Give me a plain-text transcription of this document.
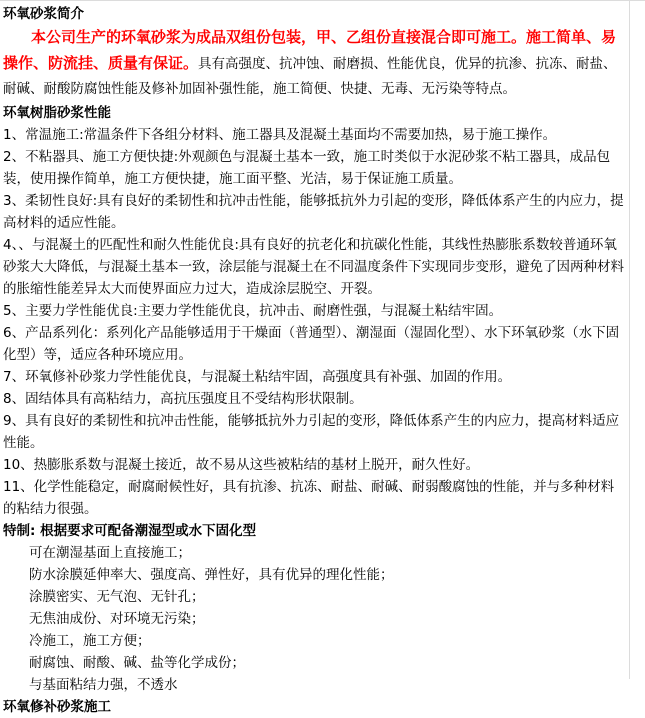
环氧砂浆简介

本公司生产的环氧砂浆为成品双组份包装，甲、乙组份直接混合即可施工。施工简单、易操作、防流挂、质量有保证。具有高强度、抗冲蚀、耐磨损、性能优良，优异的抗渗、抗冻、耐盐、耐碱、耐酸防腐蚀性能及修补加固补强性能，施工简便、快捷、无毒、无污染等特点。

环氧树脂砂浆性能

1、常温施工:常温条件下各组分材料、施工器具及混凝土基面均不需要加热，易于施工操作。

2、不粘器具、施工方便快捷:外观颜色与混凝土基本一致，施工时类似于水泥砂浆不粘工器具，成品包装，使用操作简单，施工方便快捷，施工面平整、光洁，易于保证施工质量。

3、柔韧性良好:具有良好的柔韧性和抗冲击性能，能够抵抗外力引起的变形，降低体系产生的内应力，提高材料的适应性能。

4、、与混凝土的匹配性和耐久性能优良:具有良好的抗老化和抗碳化性能，其线性热膨胀系数较普通环氧砂浆大大降低，与混凝土基本一致，涂层能与混凝土在不同温度条件下实现同步变形，避免了因两种材料的胀缩性能差异太大而使界面应力过大，造成涂层脱空、开裂。

5、主要力学性能优良:主要力学性能优良，抗冲击、耐磨性强，与混凝土粘结牢固。

6、产品系列化：系列化产品能够适用于干燥面（普通型）、潮湿面（湿固化型）、水下环氧砂浆（水下固化型）等，适应各种环境应用。

7、环氧修补砂浆力学性能优良，与混凝土粘结牢固，高强度具有补强、加固的作用。

8、固结体具有高粘结力，高抗压强度且不受结构形状限制。

9、具有良好的柔韧性和抗冲击性能，能够抵抗外力引起的变形，降低体系产生的内应力，提高材料适应性能。

10、热膨胀系数与混凝土接近，故不易从这些被粘结的基材上脱开，耐久性好。

11、化学性能稳定，耐腐耐候性好，具有抗渗、抗冻、耐盐、耐碱、耐弱酸腐蚀的性能，并与多种材料的粘结力很强。

特制: 根据要求可配备潮湿型或水下固化型

可在潮湿基面上直接施工；

防水涂膜延伸率大、强度高、弹性好，具有优异的理化性能；

涂膜密实、无气泡、无针孔；

无焦油成份、对环境无污染；

冷施工，施工方便；

耐腐蚀、耐酸、碱、盐等化学成份；

与基面粘结力强，不透水

环氧修补砂浆施工
